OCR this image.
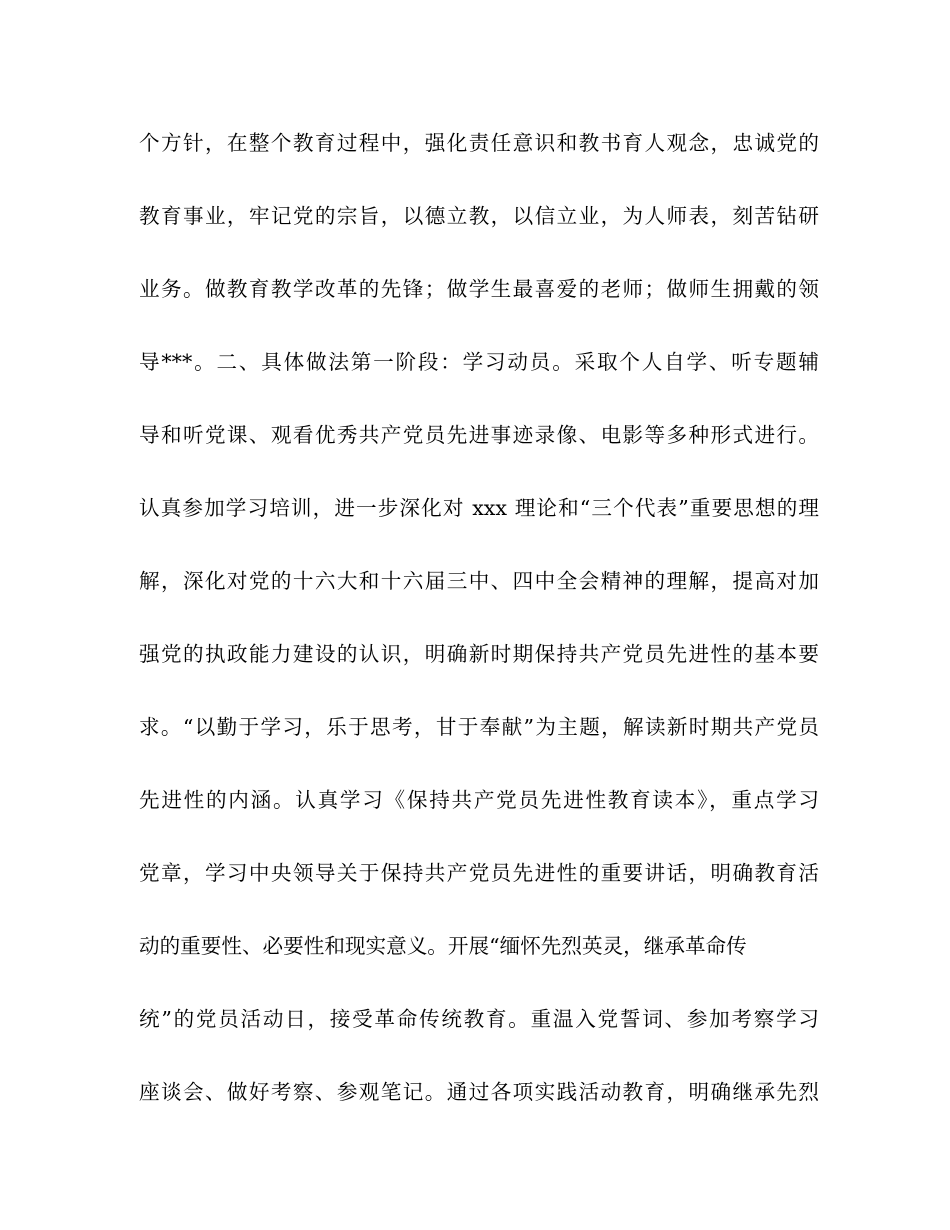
个方针，在整个教育过程中，强化责任意识和教书育人观念，忠诚党的
教育事业，牢记党的宗旨，以德立教，以信立业，为人师表，刻苦钻研
业务。做教育教学改革的先锋；做学生最喜爱的老师；做师生拥戴的领
导***。二、具体做法第一阶段：学习动员。采取个人自学、听专题辅
导和听党课、观看优秀共产党员先进事迹录像、电影等多种形式进行。
认真参加学习培训，进一步深化对 xxx 理论和“三个代表”重要思想的理
解，深化对党的十六大和十六届三中、四中全会精神的理解，提高对加
强党的执政能力建设的认识，明确新时期保持共产党员先进性的基本要
求。“以勤于学习，乐于思考，甘于奉献”为主题，解读新时期共产党员
先进性的内涵。认真学习《保持共产党员先进性教育读本》，重点学习
党章，学习中央领导关于保持共产党员先进性的重要讲话，明确教育活
动的重要性、必要性和现实意义。开展“缅怀先烈英灵，继承革命传
统”的党员活动日，接受革命传统教育。重温入党誓词、参加考察学习
座谈会、做好考察、参观笔记。通过各项实践活动教育，明确继承先烈
